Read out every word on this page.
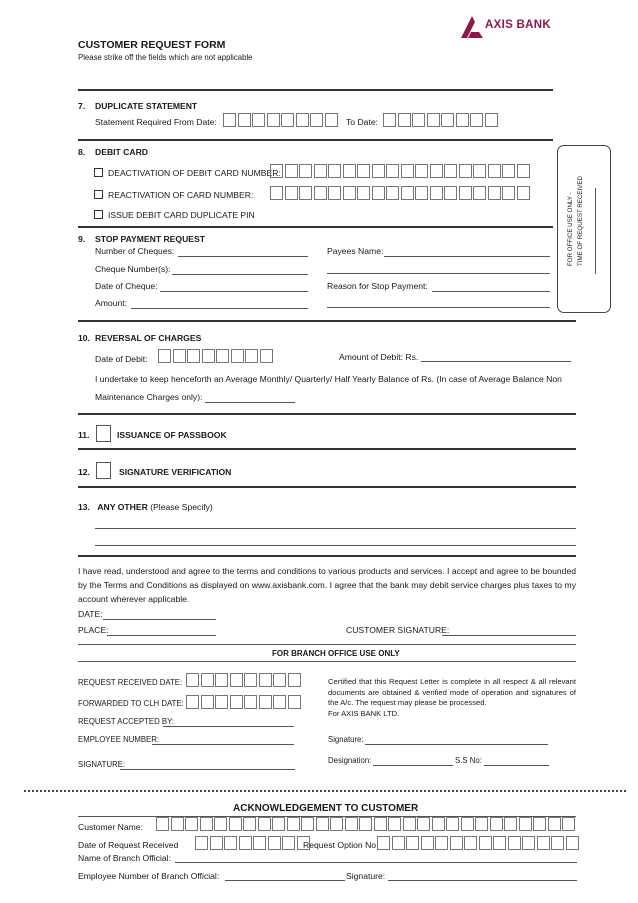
AXIS BANK
CUSTOMER REQUEST FORM
Please strike off the fields which are not applicable
FOR OFFICE USE ONLY - TIME OF REQUEST RECEIVED
7. DUPLICATE STATEMENT
Statement Required From Date:	To Date:
8. DEBIT CARD
DEACTIVATION OF DEBIT CARD NUMBER:
REACTIVATION OF CARD NUMBER:
ISSUE DEBIT CARD DUPLICATE PIN
9. STOP PAYMENT REQUEST
Number of Cheques:
Cheque Number(s):
Date of Cheque:
Amount:
Payees Name:
Reason for Stop Payment:
10. REVERSAL OF CHARGES
Date of Debit:	Amount of Debit: Rs.
I undertake to keep henceforth an Average Monthly/ Quarterly/ Half Yearly Balance of Rs. (In case of Average Balance Non
Maintenance Charges only):
11.	ISSUANCE OF PASSBOOK
12.	SIGNATURE VERIFICATION
13. ANY OTHER (Please Specify)
I have read, understood and agree to the terms and conditions to various products and services. I accept and agree to be bounded by the Terms and Conditions as displayed on www.axisbank.com. I agree that the bank may debit service charges plus taxes to my account wherever applicable.
DATE:
PLACE:	CUSTOMER SIGNATURE:
FOR BRANCH OFFICE USE ONLY
REQUEST RECEIVED DATE:
FORWARDED TO CLH DATE:
REQUEST ACCEPTED BY:
EMPLOYEE NUMBER:
SIGNATURE:
Certified that this Request Letter is complete in all respect & all relevant documents are obtained & verified mode of operation and signatures of the A/c. The request may please be processed.
For AXIS BANK LTD.
Signature:
Designation:	S.S No:
ACKNOWLEDGEMENT TO CUSTOMER
Customer Name:
Date of Request Received	Request Option No
Name of Branch Official:
Employee Number of Branch Official:	Signature:
